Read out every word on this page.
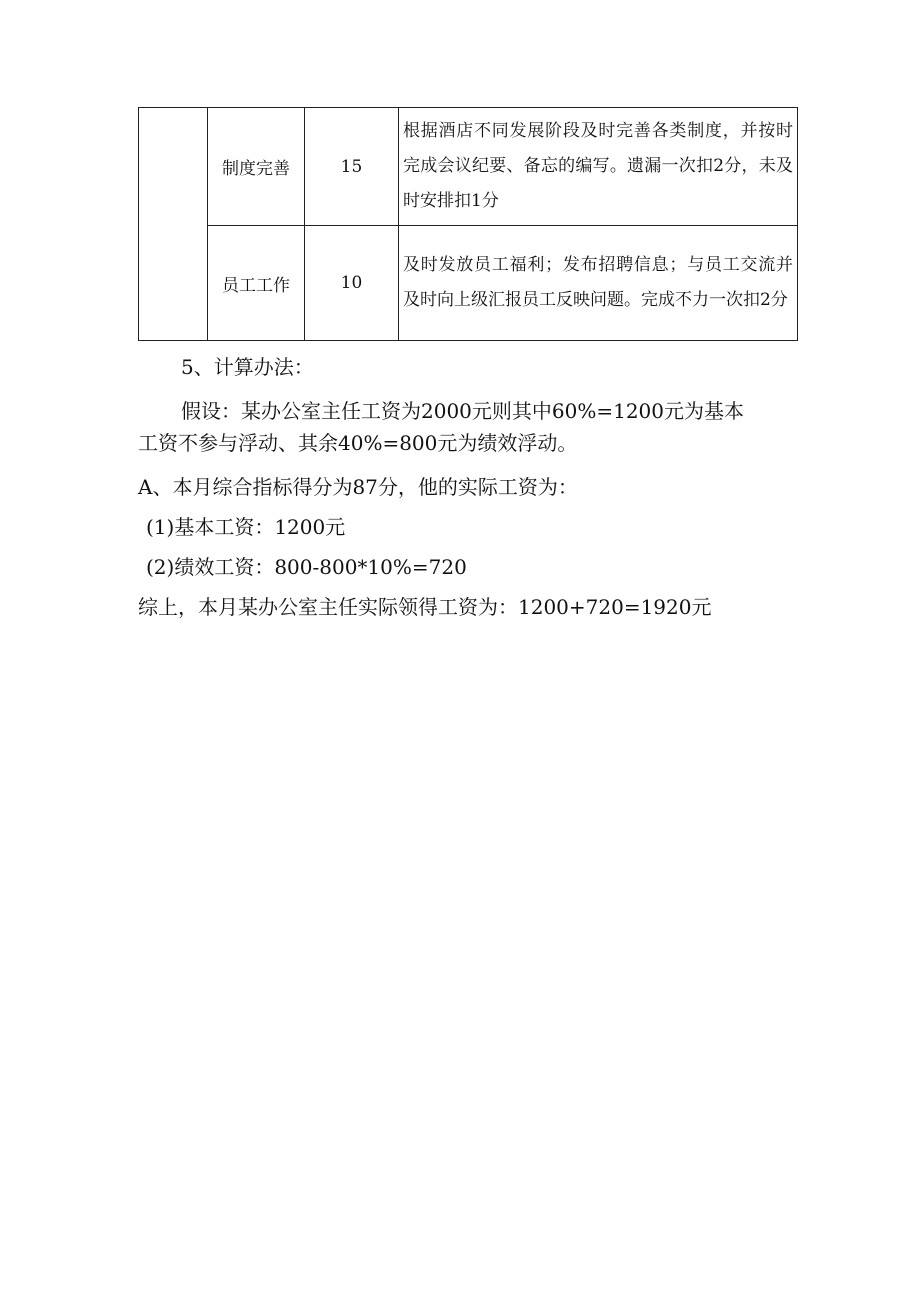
	制度完善	15	根据酒店不同发展阶段及时完善各类制度，并按时完成会议纪要、备忘的编写。遗漏一次扣2分，未及时安排扣1分
	员工工作	10	及时发放员工福利；发布招聘信息；与员工交流并及时向上级汇报员工反映问题。完成不力一次扣2分
5、计算办法：
假设：某办公室主任工资为2000元则其中60%=1200元为基本
工资不参与浮动、其余40%=800元为绩效浮动。
A、本月综合指标得分为87分，他的实际工资为：
(1)基本工资：1200元
(2)绩效工资：800-800*10%=720
综上，本月某办公室主任实际领得工资为：1200+720=1920元
